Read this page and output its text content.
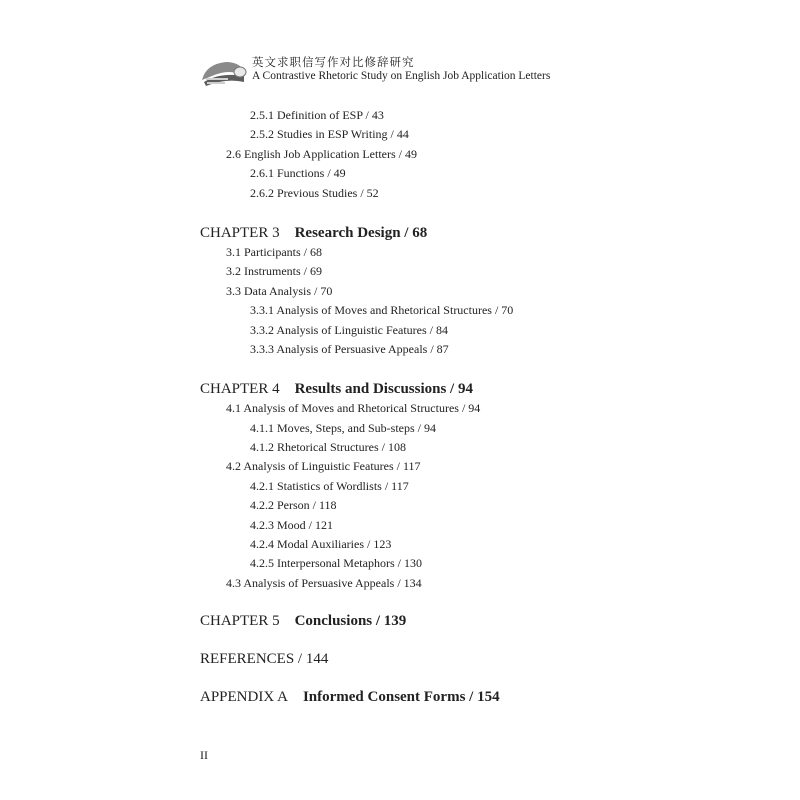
英文求职信写作对比修辞研究
A Contrastive Rhetoric Study on English Job Application Letters
2.5.1 Definition of ESP / 43
2.5.2 Studies in ESP Writing / 44
2.6 English Job Application Letters / 49
2.6.1 Functions / 49
2.6.2 Previous Studies / 52
CHAPTER 3 Research Design / 68
3.1 Participants / 68
3.2 Instruments / 69
3.3 Data Analysis / 70
3.3.1 Analysis of Moves and Rhetorical Structures / 70
3.3.2 Analysis of Linguistic Features / 84
3.3.3 Analysis of Persuasive Appeals / 87
CHAPTER 4 Results and Discussions / 94
4.1 Analysis of Moves and Rhetorical Structures / 94
4.1.1 Moves, Steps, and Sub-steps / 94
4.1.2 Rhetorical Structures / 108
4.2 Analysis of Linguistic Features / 117
4.2.1 Statistics of Wordlists / 117
4.2.2 Person / 118
4.2.3 Mood / 121
4.2.4 Modal Auxiliaries / 123
4.2.5 Interpersonal Metaphors / 130
4.3 Analysis of Persuasive Appeals / 134
CHAPTER 5 Conclusions / 139
REFERENCES / 144
APPENDIX A Informed Consent Forms / 154
II
